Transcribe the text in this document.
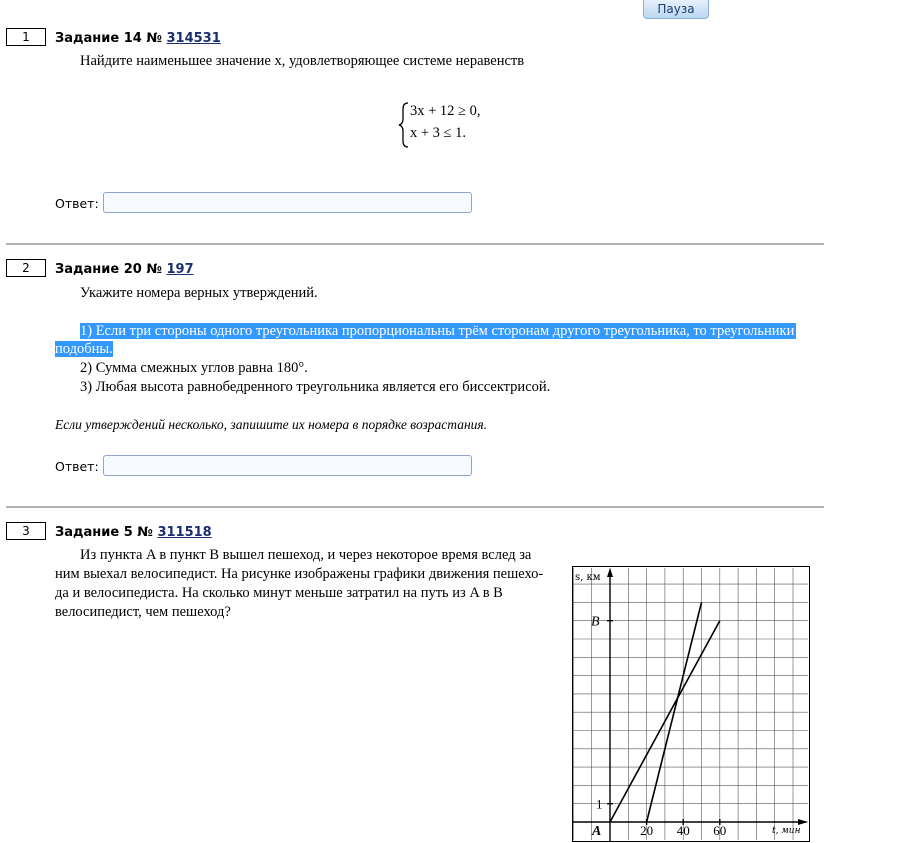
Пауза
1	Задание 14 № 314531
Найдите наименьшее значение x, удовлетворяющее системе неравенств
3x + 12 ≥ 0,
x + 3 ≤ 1.
Ответ:
2	Задание 20 № 197
Укажите номера верных утверждений.
1) Если три стороны одного треугольника пропорциональны трём сторонам другого треугольника, то треугольники
подобны.
2) Сумма смежных углов равна 180°.
3) Любая высота равнобедренного треугольника является его биссектрисой.
Если утверждений несколько, запишите их номера в порядке возрастания.
Ответ:
3	Задание 5 № 311518
Из пункта A в пункт B вышел пешеход, и через некоторое время вслед за
ним выехал велосипедист. На рисунке изображены графики движения пешехо-
да и велосипедиста. На сколько минут меньше затратил на путь из A в B
велосипедист, чем пешеход?
s, км
B
1
A	20 40 60	t, мин
